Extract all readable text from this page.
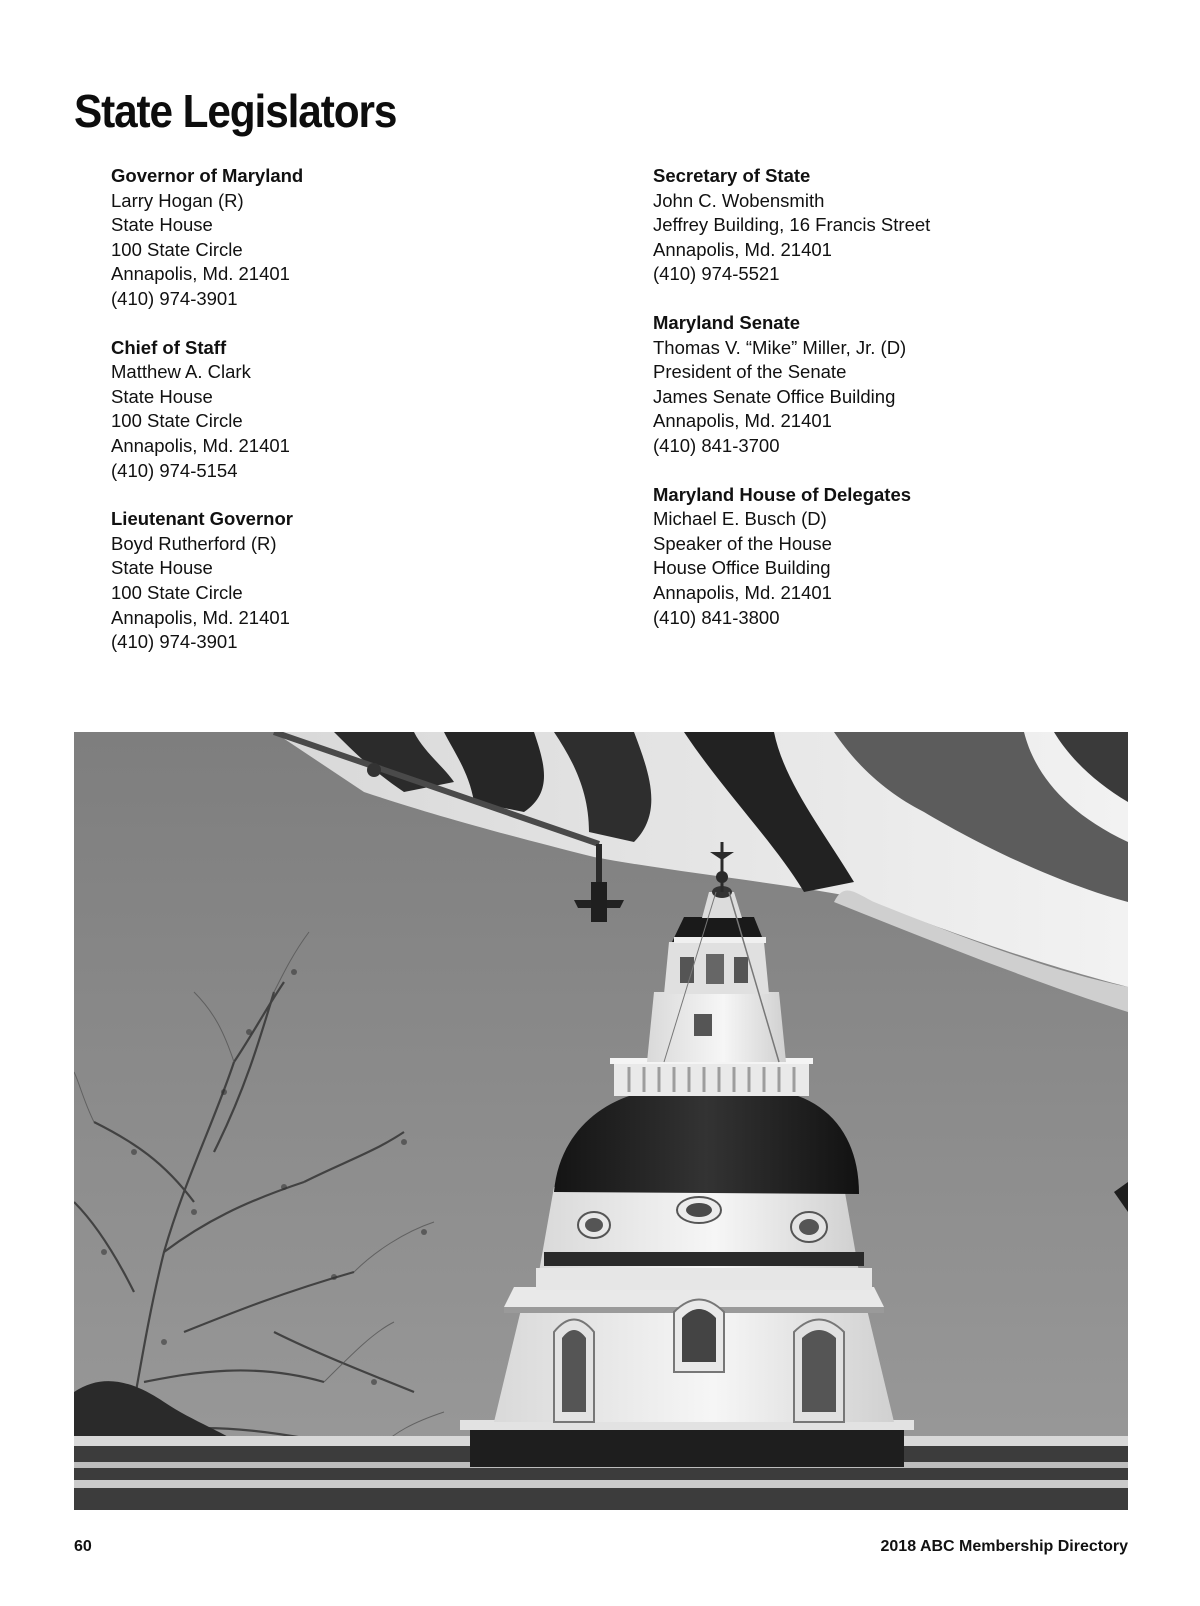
State Legislators
Governor of Maryland
Larry Hogan (R)
State House
100 State Circle
Annapolis, Md. 21401
(410) 974-3901
Chief of Staff
Matthew A. Clark
State House
100 State Circle
Annapolis, Md. 21401
(410) 974-5154
Lieutenant Governor
Boyd Rutherford (R)
State House
100 State Circle
Annapolis, Md. 21401
(410) 974-3901
Secretary of State
John C. Wobensmith
Jeffrey Building, 16 Francis Street
Annapolis, Md. 21401
(410) 974-5521
Maryland Senate
Thomas V. “Mike” Miller, Jr. (D)
President of the Senate
James Senate Office Building
Annapolis, Md. 21401
(410) 841-3700
Maryland House of Delegates
Michael E. Busch (D)
Speaker of the House
House Office Building
Annapolis, Md. 21401
(410) 841-3800
60	2018 ABC Membership Directory
